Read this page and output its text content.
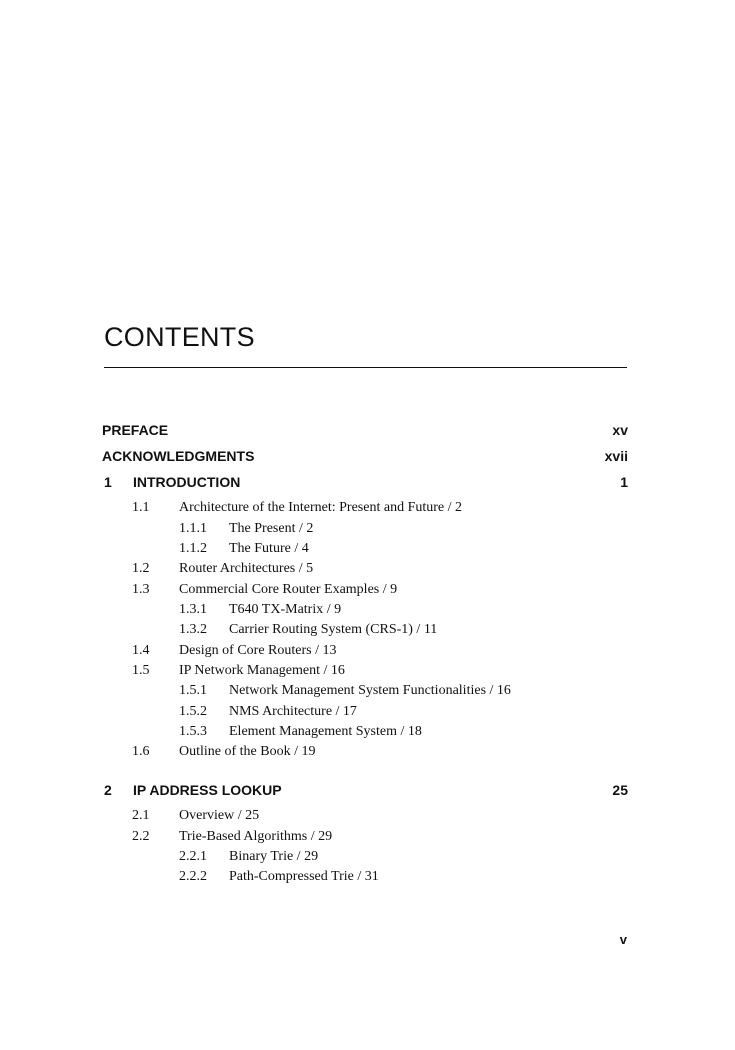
CONTENTS
PREFACE	xv
ACKNOWLEDGMENTS	xvii
1 INTRODUCTION	1
1.1 Architecture of the Internet: Present and Future / 2
1.1.1 The Present / 2
1.1.2 The Future / 4
1.2 Router Architectures / 5
1.3 Commercial Core Router Examples / 9
1.3.1 T640 TX-Matrix / 9
1.3.2 Carrier Routing System (CRS-1) / 11
1.4 Design of Core Routers / 13
1.5 IP Network Management / 16
1.5.1 Network Management System Functionalities / 16
1.5.2 NMS Architecture / 17
1.5.3 Element Management System / 18
1.6 Outline of the Book / 19
2 IP ADDRESS LOOKUP	25
2.1 Overview / 25
2.2 Trie-Based Algorithms / 29
2.2.1 Binary Trie / 29
2.2.2 Path-Compressed Trie / 31
v
